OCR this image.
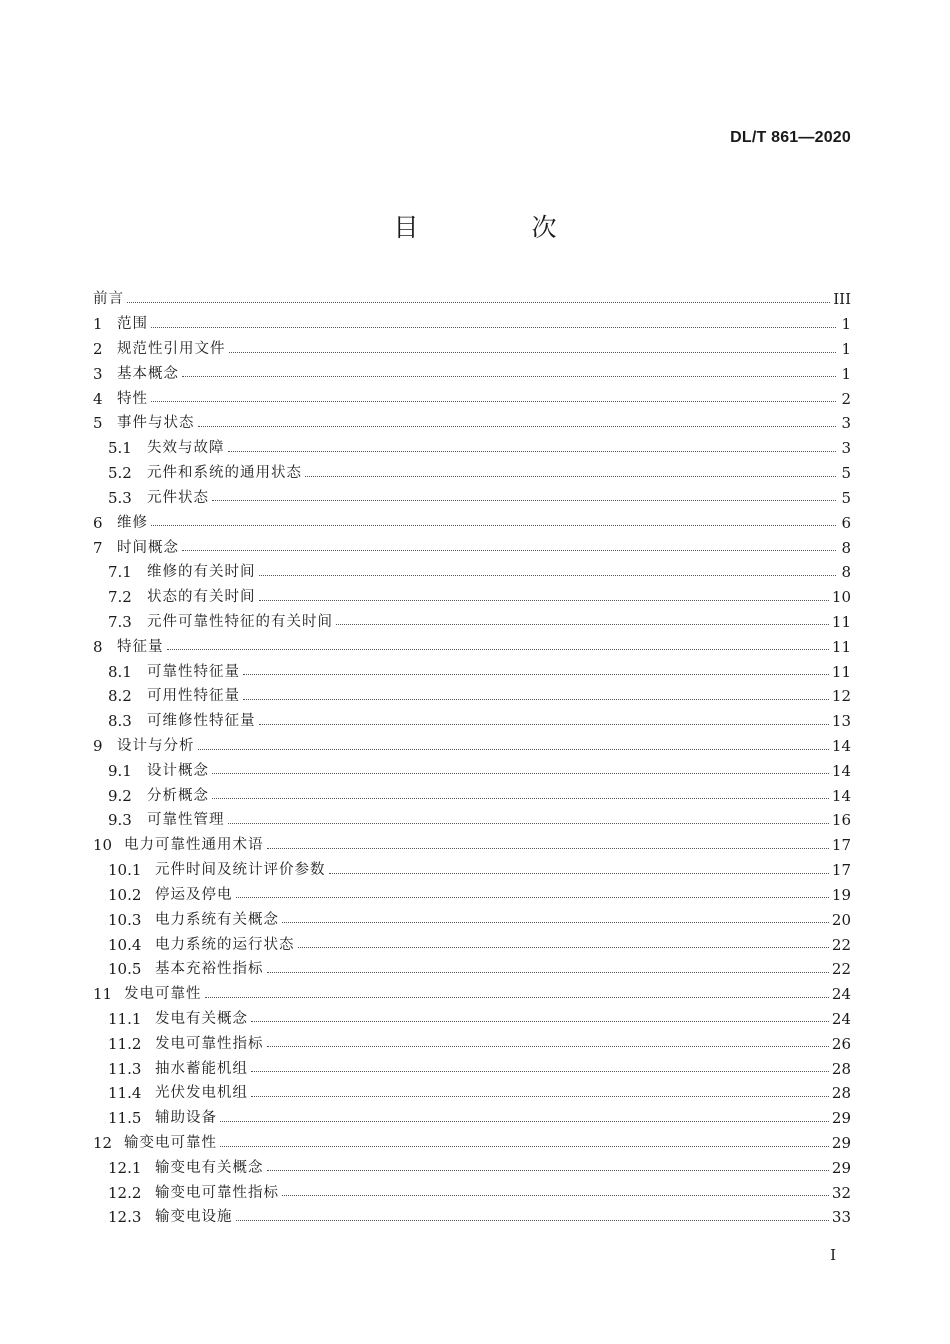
DL/T 861—2020
目　次
前言	III
1 范围	1
2 规范性引用文件	1
3 基本概念	1
4 特性	2
5 事件与状态	3
5.1	失效与故障	3
5.2	元件和系统的通用状态	5
5.3	元件状态	5
6 维修	6
7 时间概念	8
7.1	维修的有关时间	8
7.2	状态的有关时间	10
7.3	元件可靠性特征的有关时间	11
8 特征量	11
8.1	可靠性特征量	11
8.2	可用性特征量	12
8.3	可维修性特征量	13
9 设计与分析	14
9.1	设计概念	14
9.2	分析概念	14
9.3	可靠性管理	16
10 电力可靠性通用术语	17
10.1 元件时间及统计评价参数	17
10.2 停运及停电	19
10.3 电力系统有关概念	20
10.4 电力系统的运行状态	22
10.5 基本充裕性指标	22
11 发电可靠性	24
11.1 发电有关概念	24
11.2 发电可靠性指标	26
11.3 抽水蓄能机组	28
11.4 光伏发电机组	28
11.5 辅助设备	29
12 输变电可靠性	29
12.1 输变电有关概念	29
12.2 输变电可靠性指标	32
12.3 输变电设施	33
I
